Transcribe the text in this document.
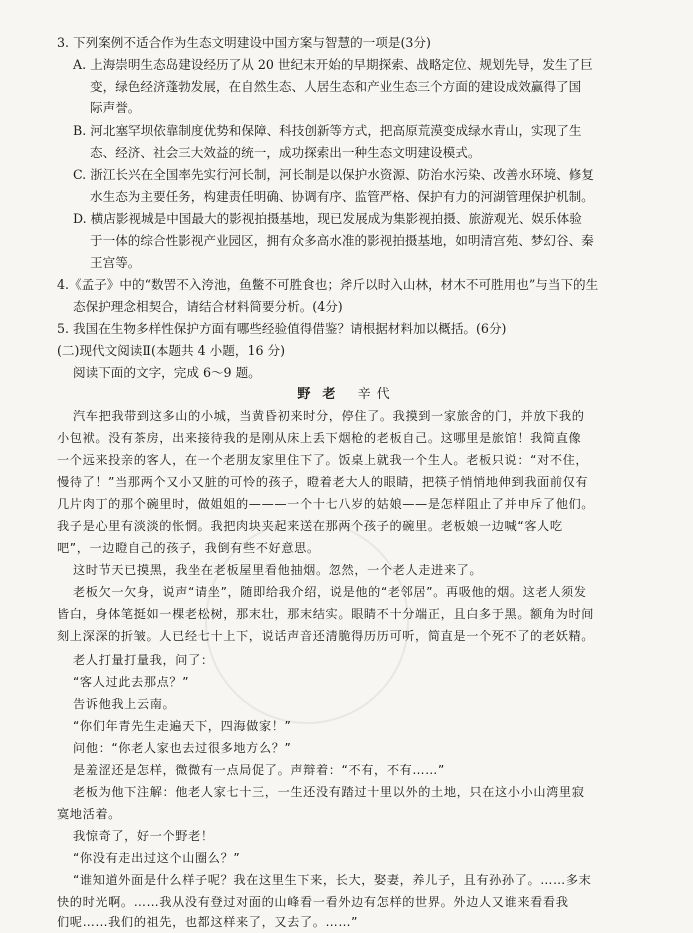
3. 下列案例不适合作为生态文明建设中国方案与智慧的一项是(3分)
A. 上海崇明生态岛建设经历了从 20 世纪末开始的早期探索、战略定位、规划先导，发生了巨
变，绿色经济蓬勃发展，在自然生态、人居生态和产业生态三个方面的建设成效赢得了国
际声誉。
B. 河北塞罕坝依靠制度优势和保障、科技创新等方式，把高原荒漠变成绿水青山，实现了生
态、经济、社会三大效益的统一，成功探索出一种生态文明建设模式。
C. 浙江长兴在全国率先实行河长制，河长制是以保护水资源、防治水污染、改善水环境、修复
水生态为主要任务，构建责任明确、协调有序、监管严格、保护有力的河湖管理保护机制。
D. 横店影视城是中国最大的影视拍摄基地，现已发展成为集影视拍摄、旅游观光、娱乐体验
于一体的综合性影视产业园区，拥有众多高水准的影视拍摄基地，如明清宫苑、梦幻谷、秦
王宫等。
4.《孟子》中的“数罟不入洿池，鱼鳖不可胜食也；斧斤以时入山林，材木不可胜用也”与当下的生
态保护理念相契合，请结合材料简要分析。(4分)
5. 我国在生物多样性保护方面有哪些经验值得借鉴？请根据材料加以概括。(6分)
(二)现代文阅读Ⅱ(本题共 4 小题，16 分)
阅读下面的文字，完成 6～9 题。
野老 辛代
汽车把我带到这多山的小城，当黄昏初来时分，停住了。我摸到一家旅舍的门，并放下我的
小包袱。没有茶房，出来接待我的是刚从床上丢下烟枪的老板自己。这哪里是旅馆！我简直像
一个远来投亲的客人，在一个老朋友家里住下了。饭桌上就我一个生人。老板只说：“对不住，
慢待了！”当那两个又小又脏的可怜的孩子，瞪着老大人的眼睛，把筷子悄悄地伸到我面前仅有
几片肉丁的那个碗里时，做姐姐的———一个十七八岁的姑娘——是怎样阻止了并申斥了他们。
我子是心里有淡淡的怅惘。我把肉块夹起来送在那两个孩子的碗里。老板娘一边喊“客人吃
吧”，一边瞪自己的孩子，我倒有些不好意思。
这时节天已摸黑，我坐在老板屋里看他抽烟。忽然，一个老人走进来了。
老板欠一欠身，说声“请坐”，随即给我介绍，说是他的“老邻居”。再吸他的烟。这老人须发
皆白，身体笔挺如一棵老松树，那末壮，那末结实。眼睛不十分端正，且白多于黑。额角为时间
刻上深深的折皱。人已经七十上下，说话声音还清脆得历历可听，简直是一个死不了的老妖精。
老人打量打量我，问了：
“客人过此去那点？”
告诉他我上云南。
“你们年青先生走遍天下，四海做家！”
问他：“你老人家也去过很多地方么？”
是羞涩还是怎样，微微有一点局促了。声辩着：“不有，不有……”
老板为他下注解：他老人家七十三，一生还没有踏过十里以外的土地，只在这小小山湾里寂
寞地活着。
我惊奇了，好一个野老！
“你没有走出过这个山圈么？”
“谁知道外面是什么样子呢？我在这里生下来，长大，娶妻，养儿子，且有孙孙了。……多末
快的时光啊。……我从没有登过对面的山峰看一看外边有怎样的世界。外边人又谁来看看我
们呢……我们的祖先，也都这样来了，又去了。……”
